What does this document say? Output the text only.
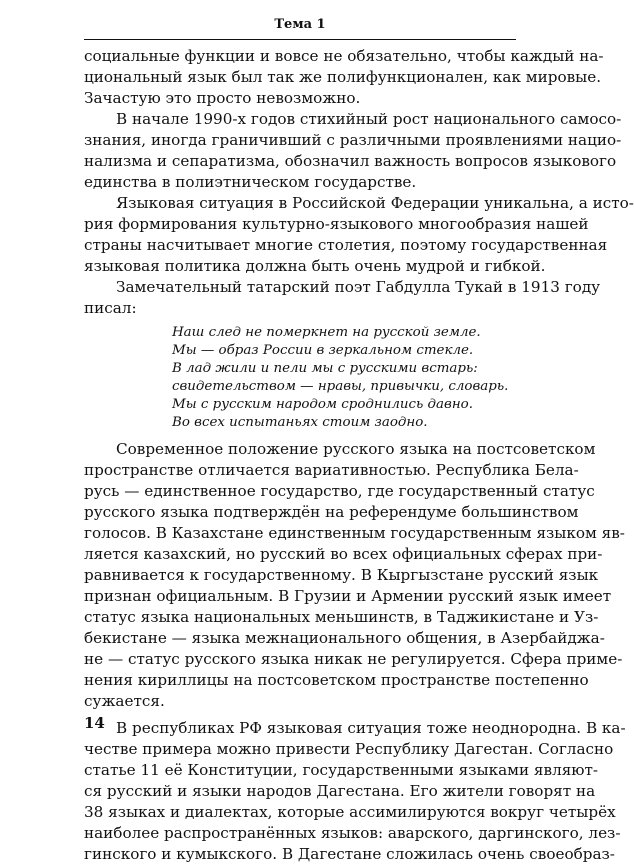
Тема 1
социальные функции и вовсе не обязательно, чтобы каждый на-
циональный язык был так же полифункционален, как мировые.
Зачастую это просто невозможно.
В начале 1990-х годов стихийный рост национального самосо-
знания, иногда граничивший с различными проявлениями нацио-
нализма и сепаратизма, обозначил важность вопросов языкового
единства в полиэтническом государстве.
Языковая ситуация в Российской Федерации уникальна, а исто-
рия формирования культурно-языкового многообразия нашей
страны насчитывает многие столетия, поэтому государственная
языковая политика должна быть очень мудрой и гибкой.
Замечательный татарский поэт Габдулла Тукай в 1913 году
писал:
Наш след не померкнет на русской земле.
Мы — образ России в зеркальном стекле.
В лад жили и пели мы с русскими встарь:
свидетельством — нравы, привычки, словарь.
Мы с русским народом сроднились давно.
Во всех испытаньях стоим заодно.
Современное положение русского языка на постсоветском
пространстве отличается вариативностью. Республика Бела-
русь — единственное государство, где государственный статус
русского языка подтверждён на референдуме большинством
голосов. В Казахстане единственным государственным языком яв-
ляется казахский, но русский во всех официальных сферах при-
равнивается к государственному. В Кыргызстане русский язык
признан официальным. В Грузии и Армении русский язык имеет
статус языка национальных меньшинств, в Таджикистане и Уз-
бекистане — языка межнационального общения, в Азербайджа-
не — статус русского языка никак не регулируется. Сфера приме-
нения кириллицы на постсоветском пространстве постепенно
сужается.
В республиках РФ языковая ситуация тоже неоднородна. В ка-
честве примера можно привести Республику Дагестан. Согласно
статье 11 её Конституции, государственными языками являют-
ся русский и языки народов Дагестана. Его жители говорят на
38 языках и диалектах, которые ассимилируются вокруг четырёх
наиболее распространённых языков: аварского, даргинского, лез-
гинского и кумыкского. В Дагестане сложилась очень своеобраз-
14
